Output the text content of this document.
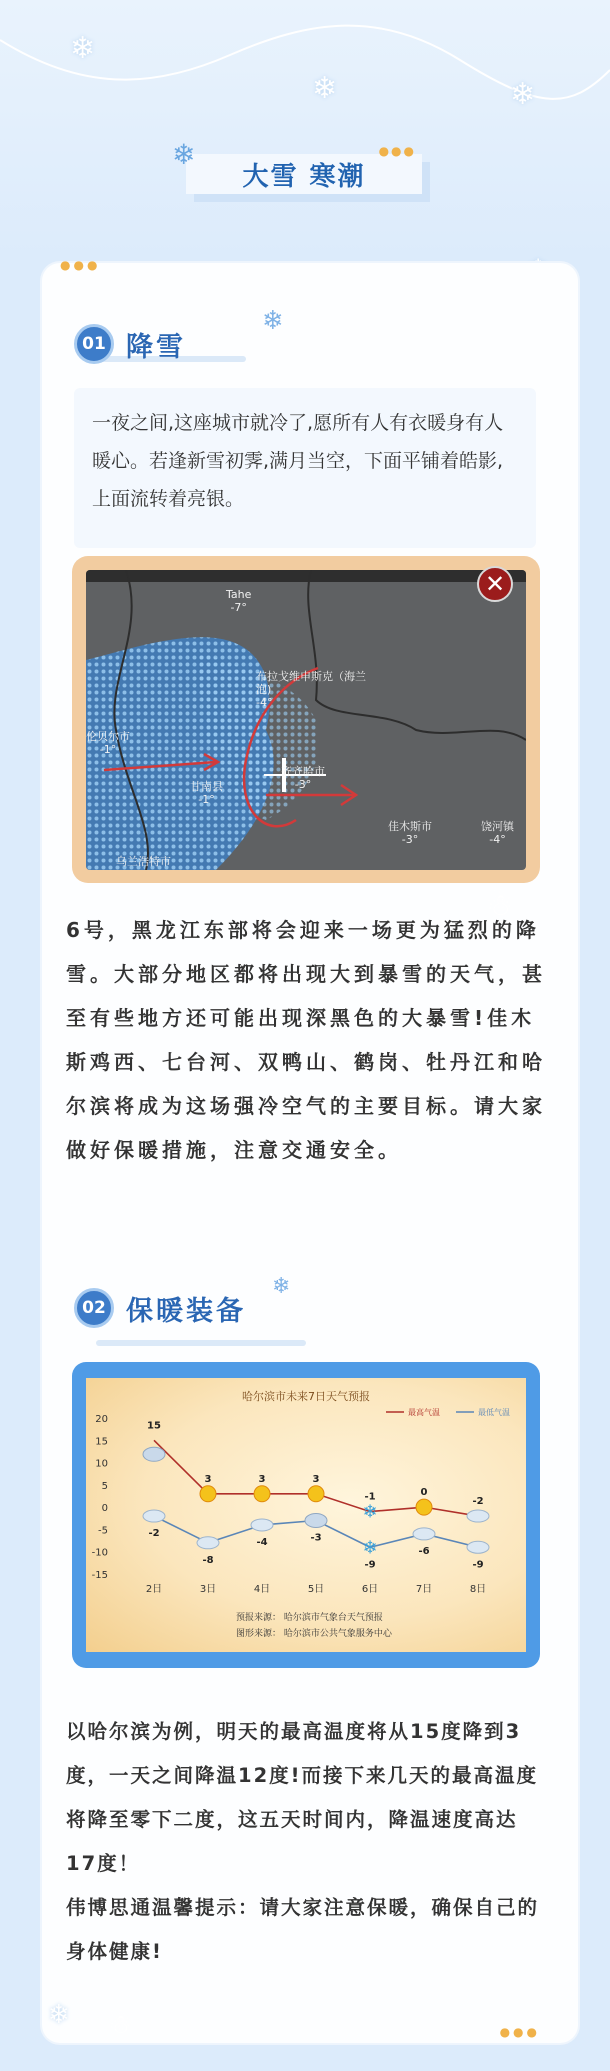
❄
❄	❄
大雪 寒潮
●●●
❄
●●●
01 降雪
❄
一夜之间,这座城市就冷了,愿所有人有衣暖身有人暖心。若逢新雪初霁,满月当空，下面平铺着皓影,上面流转着亮银。
Tahe
-7°
布拉戈维申斯克（海兰
泡)
-4°
伦贝尔市
-1°
甘南县
-1°
齐齐哈市
-3°
佳木斯市
-3°
饶河镇
-4°
乌兰浩特市
✕
☃
6号，黑龙江东部将会迎来一场更为猛烈的降雪。大部分地区都将出现大到暴雪的天气，甚至有些地方还可能出现深黑色的大暴雪!佳木斯鸡西、七台河、双鸭山、鹤岗、牡丹江和哈尔滨将成为这场强冷空气的主要目标。请大家做好保暖措施，注意交通安全。
02 保暖装备
❄
哈尔滨市未来7日天气预报
最高气温	最低气温
20
15
10
5
0
-5
-10
-15
2日	3日	4日	5日	6日	7日	8日
15
3	3	3
❄
-1	0
-2
-2
-8
-4	-3 ❄
-9
-6
-9
预报来源： 哈尔滨市气象台天气预报
图形来源： 哈尔滨市公共气象服务中心
以哈尔滨为例，明天的最高温度将从15度降到3度，一天之间降温12度!而接下来几天的最高温度将降至零下二度，这五天时间内，降温速度高达17度！
伟博思通温馨提示：请大家注意保暖，确保自己的身体健康!
❄ ☃	●●●
